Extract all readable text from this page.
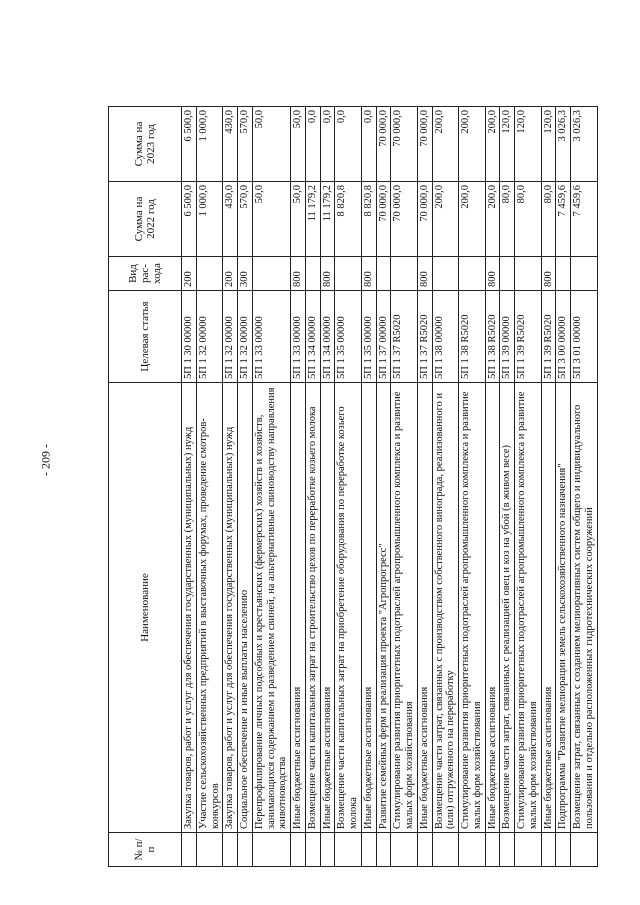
- 209 -
№ п/п	Наименование	Целевая статья	Вид рас-хода	Сумма на 2022 год	Сумма на 2023 год
	Закупка товаров, работ и услуг для обеспечения государственных (муниципальных) нужд	5П 1 30 00000	200	6 500,0	6 500,0
	Участие сельскохозяйственных предприятий в выставочных форумах, проведение смотров-конкурсов	5П 1 32 00000		1 000,0	1 000,0
	Закупка товаров, работ и услуг для обеспечения государственных (муниципальных) нужд	5П 1 32 00000	200	430,0	430,0
	Социальное обеспечение и иные выплаты населению	5П 1 32 00000	300	570,0	570,0
	Перепрофилирование личных подсобных и крестьянских (фермерских) хозяйств и хозяйств, занимающихся содержанием и разведением свиней, на альтернативные свиноводству направления животноводства	5П 1 33 00000		50,0	50,0
	Иные бюджетные ассигнования	5П 1 33 00000	800	50,0	50,0
	Возмещение части капитальных затрат на строительство цехов по переработке козьего молока	5П 1 34 00000		11 179,2	0,0
	Иные бюджетные ассигнования	5П 1 34 00000	800	11 179,2	0,0
	Возмещение части капитальных затрат на приобретение оборудования по переработке козьего молока	5П 1 35 00000		8 820,8	0,0
	Иные бюджетные ассигнования	5П 1 35 00000	800	8 820,8	0,0
	Развитие семейных ферм и реализация проекта "Агропрогресс"	5П 1 37 00000		70 000,0	70 000,0
	Стимулирование развития приоритетных подотраслей агропромышленного комплекса и развитие малых форм хозяйствования	5П 1 37 R5020		70 000,0	70 000,0
	Иные бюджетные ассигнования	5П 1 37 R5020	800	70 000,0	70 000,0
	Возмещение части затрат, связанных с производством собственного винограда, реализованного и (или) отгруженного на переработку	5П 1 38 00000		200,0	200,0
	Стимулирование развития приоритетных подотраслей агропромышленного комплекса и развитие малых форм хозяйствования	5П 1 38 R5020		200,0	200,0
	Иные бюджетные ассигнования	5П 1 38 R5020	800	200,0	200,0
	Возмещение части затрат, связанных с реализацией овец и коз на убой (в живом весе)	5П 1 39 00000		80,0	120,0
	Стимулирование развития приоритетных подотраслей агропромышленного комплекса и развитие малых форм хозяйствования	5П 1 39 R5020		80,0	120,0
	Иные бюджетные ассигнования	5П 1 39 R5020	800	80,0	120,0
	Подпрограмма "Развитие мелиорации земель сельскохозяйственного назначения"	5П 3 00 00000		7 459,6	3 026,3
	Возмещение затрат, связанных с созданием мелиоративных систем общего и индивидуального пользования и отдельно расположенных гидротехнических сооружений	5П 3 01 00000		7 459,6	3 026,3
